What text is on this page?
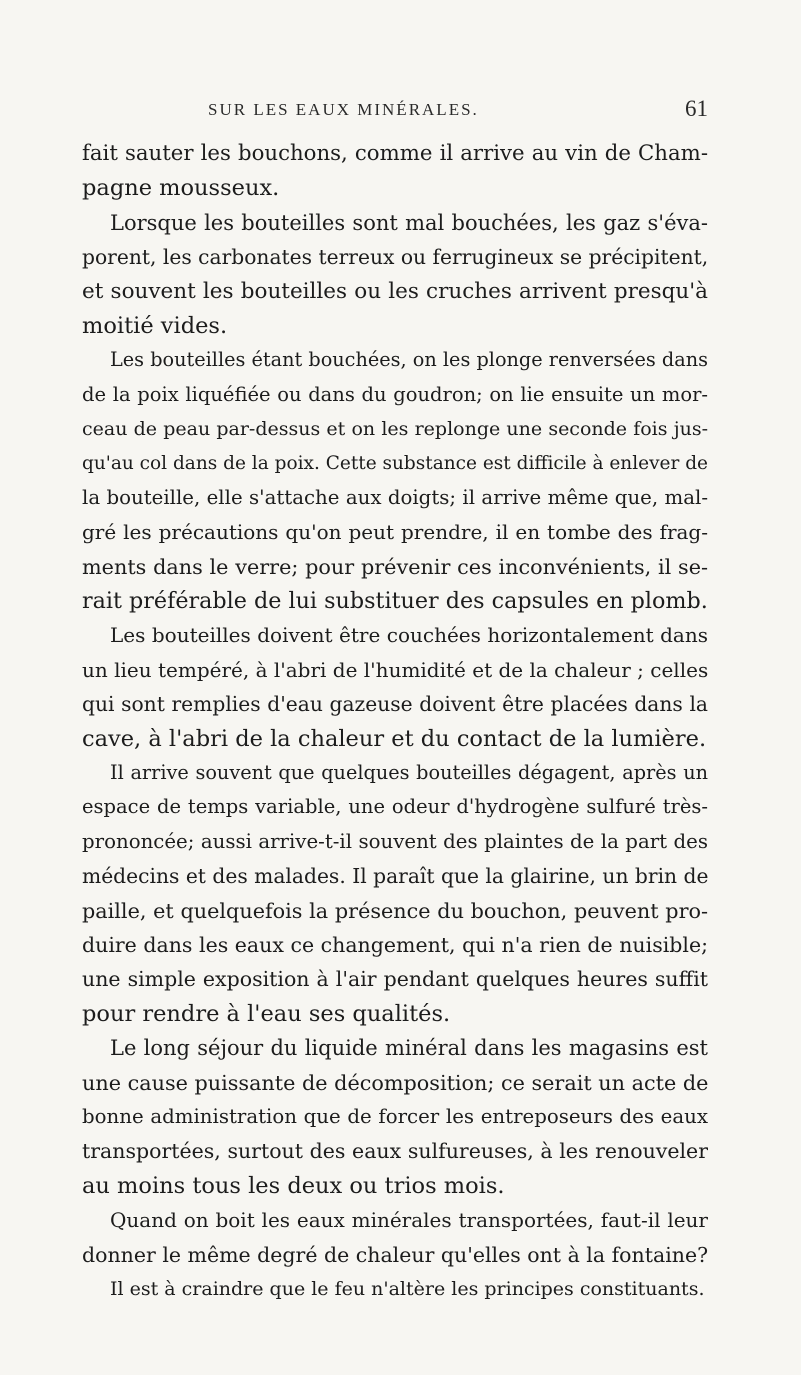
SUR LES EAUX MINÉRALES.	61
fait sauter les bouchons, comme il arrive au vin de Cham-
pagne mousseux.
Lorsque les bouteilles sont mal bouchées, les gaz s'éva-
porent, les carbonates terreux ou ferrugineux se précipitent,
et souvent les bouteilles ou les cruches arrivent presqu'à
moitié vides.
Les bouteilles étant bouchées, on les plonge renversées dans
de la poix liquéfiée ou dans du goudron; on lie ensuite un mor-
ceau de peau par-dessus et on les replonge une seconde fois jus-
qu'au col dans de la poix. Cette substance est difficile à enlever de
la bouteille, elle s'attache aux doigts; il arrive même que, mal-
gré les précautions qu'on peut prendre, il en tombe des frag-
ments dans le verre; pour prévenir ces inconvénients, il se-
rait préférable de lui substituer des capsules en plomb.
Les bouteilles doivent être couchées horizontalement dans
un lieu tempéré, à l'abri de l'humidité et de la chaleur ; celles
qui sont remplies d'eau gazeuse doivent être placées dans la
cave, à l'abri de la chaleur et du contact de la lumière.
Il arrive souvent que quelques bouteilles dégagent, après un
espace de temps variable, une odeur d'hydrogène sulfuré très-
prononcée; aussi arrive-t-il souvent des plaintes de la part des
médecins et des malades. Il paraît que la glairine, un brin de
paille, et quelquefois la présence du bouchon, peuvent pro-
duire dans les eaux ce changement, qui n'a rien de nuisible;
une simple exposition à l'air pendant quelques heures suffit
pour rendre à l'eau ses qualités.
Le long séjour du liquide minéral dans les magasins est
une cause puissante de décomposition; ce serait un acte de
bonne administration que de forcer les entreposeurs des eaux
transportées, surtout des eaux sulfureuses, à les renouveler
au moins tous les deux ou trios mois.
Quand on boit les eaux minérales transportées, faut-il leur
donner le même degré de chaleur qu'elles ont à la fontaine?
Il est à craindre que le feu n'altère les principes constituants.
